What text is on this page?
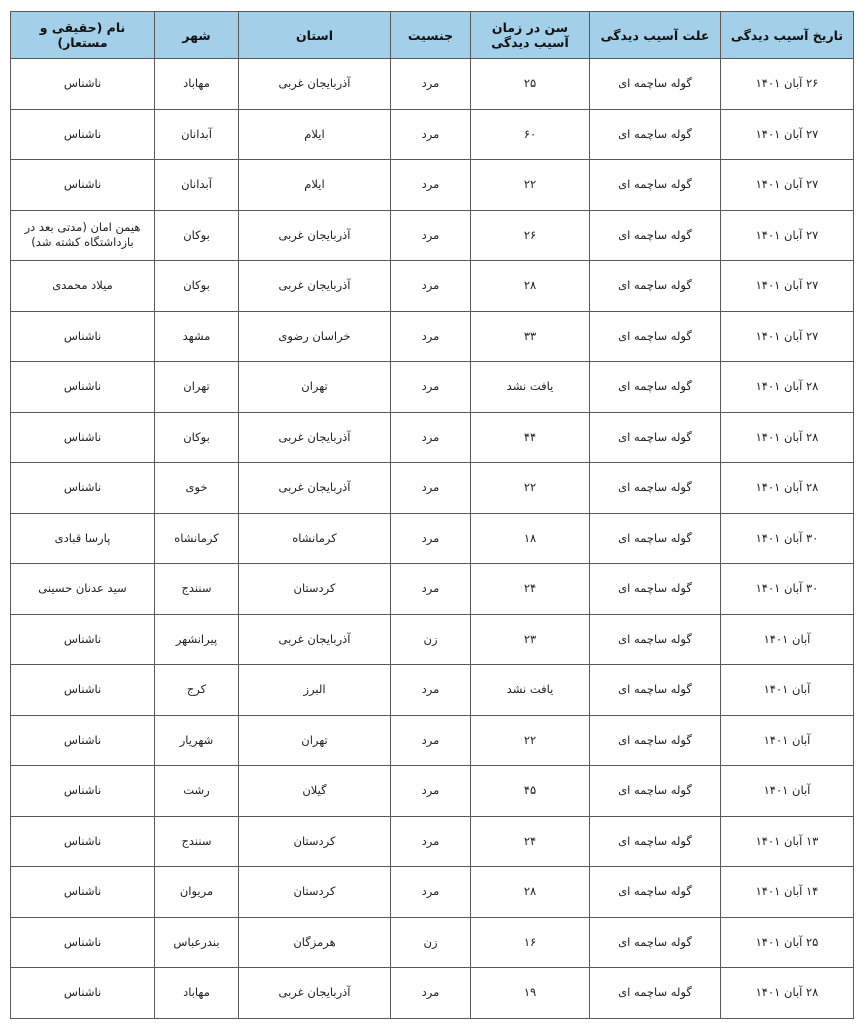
تاریخ آسیب دیدگی	علت آسیب دیدگی	سن در زمان آسیب دیدگی	جنسیت	استان	شهر	نام (حقیقی و مستعار)
۲۶ آبان ۱۴۰۱	گوله ساچمه ای	۲۵	مرد	آذربایجان غربی	مهاباد	ناشناس
۲۷ آبان ۱۴۰۱	گوله ساچمه ای	۶۰	مرد	ایلام	آبدانان	ناشناس
۲۷ آبان ۱۴۰۱	گوله ساچمه ای	۲۲	مرد	ایلام	آبدانان	ناشناس
۲۷ آبان ۱۴۰۱	گوله ساچمه ای	۲۶	مرد	آذربایجان غربی	بوکان	هیمن امان (مدتی بعد در بازداشتگاه کشته شد)
۲۷ آبان ۱۴۰۱	گوله ساچمه ای	۲۸	مرد	آذربایجان غربی	بوکان	میلاد محمدی
۲۷ آبان ۱۴۰۱	گوله ساچمه ای	۳۳	مرد	خراسان رضوی	مشهد	ناشناس
۲۸ آبان ۱۴۰۱	گوله ساچمه ای	یافت نشد	مرد	تهران	تهران	ناشناس
۲۸ آبان ۱۴۰۱	گوله ساچمه ای	۴۴	مرد	آذربایجان غربی	بوکان	ناشناس
۲۸ آبان ۱۴۰۱	گوله ساچمه ای	۲۲	مرد	آذربایجان غربی	خوی	ناشناس
۳۰ آبان ۱۴۰۱	گوله ساچمه ای	۱۸	مرد	کرمانشاه	کرمانشاه	پارسا قبادی
۳۰ آبان ۱۴۰۱	گوله ساچمه ای	۲۴	مرد	کردستان	سنندج	سید عدنان حسینی
آبان ۱۴۰۱	گوله ساچمه ای	۲۳	زن	آذربایجان غربی	پیرانشهر	ناشناس
آبان ۱۴۰۱	گوله ساچمه ای	یافت نشد	مرد	البرز	کرج	ناشناس
آبان ۱۴۰۱	گوله ساچمه ای	۲۲	مرد	تهران	شهریار	ناشناس
آبان ۱۴۰۱	گوله ساچمه ای	۴۵	مرد	گیلان	رشت	ناشناس
۱۳ آبان ۱۴۰۱	گوله ساچمه ای	۲۴	مرد	کردستان	سنندج	ناشناس
۱۴ آبان ۱۴۰۱	گوله ساچمه ای	۲۸	مرد	کردستان	مریوان	ناشناس
۲۵ آبان ۱۴۰۱	گوله ساچمه ای	۱۶	زن	هرمزگان	بندرعباس	ناشناس
۲۸ آبان ۱۴۰۱	گوله ساچمه ای	۱۹	مرد	آذربایجان غربی	مهاباد	ناشناس
